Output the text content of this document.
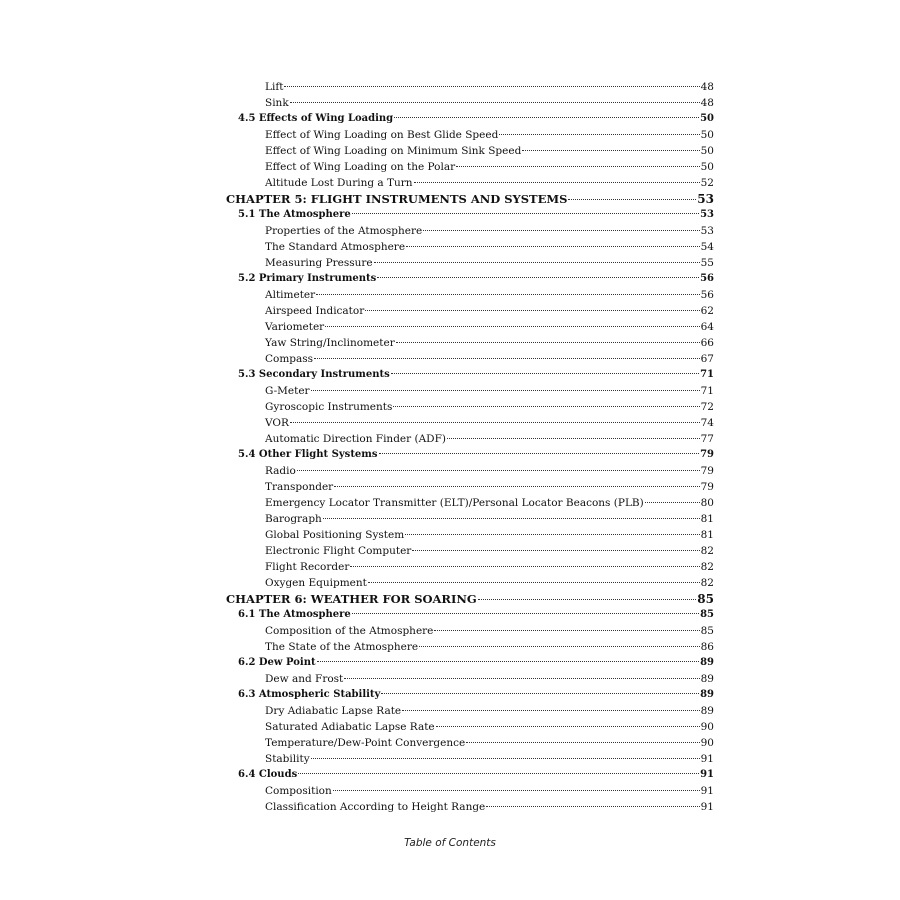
Lift	48
Sink	48
4.5 Effects of Wing Loading	50
Effect of Wing Loading on Best Glide Speed	50
Effect of Wing Loading on Minimum Sink Speed	50
Effect of Wing Loading on the Polar	50
Altitude Lost During a Turn	52
CHAPTER 5: FLIGHT INSTRUMENTS AND SYSTEMS	53
5.1 The Atmosphere	53
Properties of the Atmosphere	53
The Standard Atmosphere	54
Measuring Pressure	55
5.2 Primary Instruments	56
Altimeter	56
Airspeed Indicator	62
Variometer	64
Yaw String/Inclinometer	66
Compass	67
5.3 Secondary Instruments	71
G-Meter	71
Gyroscopic Instruments	72
VOR	74
Automatic Direction Finder (ADF)	77
5.4 Other Flight Systems	79
Radio	79
Transponder	79
Emergency Locator Transmitter (ELT)/Personal Locator Beacons (PLB)	80
Barograph	81
Global Positioning System	81
Electronic Flight Computer	82
Flight Recorder	82
Oxygen Equipment	82
CHAPTER 6: WEATHER FOR SOARING	85
6.1 The Atmosphere	85
Composition of the Atmosphere	85
The State of the Atmosphere	86
6.2 Dew Point	89
Dew and Frost	89
6.3 Atmospheric Stability	89
Dry Adiabatic Lapse Rate	89
Saturated Adiabatic Lapse Rate	90
Temperature/Dew-Point Convergence	90
Stability	91
6.4 Clouds	91
Composition	91
Classification According to Height Range	91
Table of Contents
